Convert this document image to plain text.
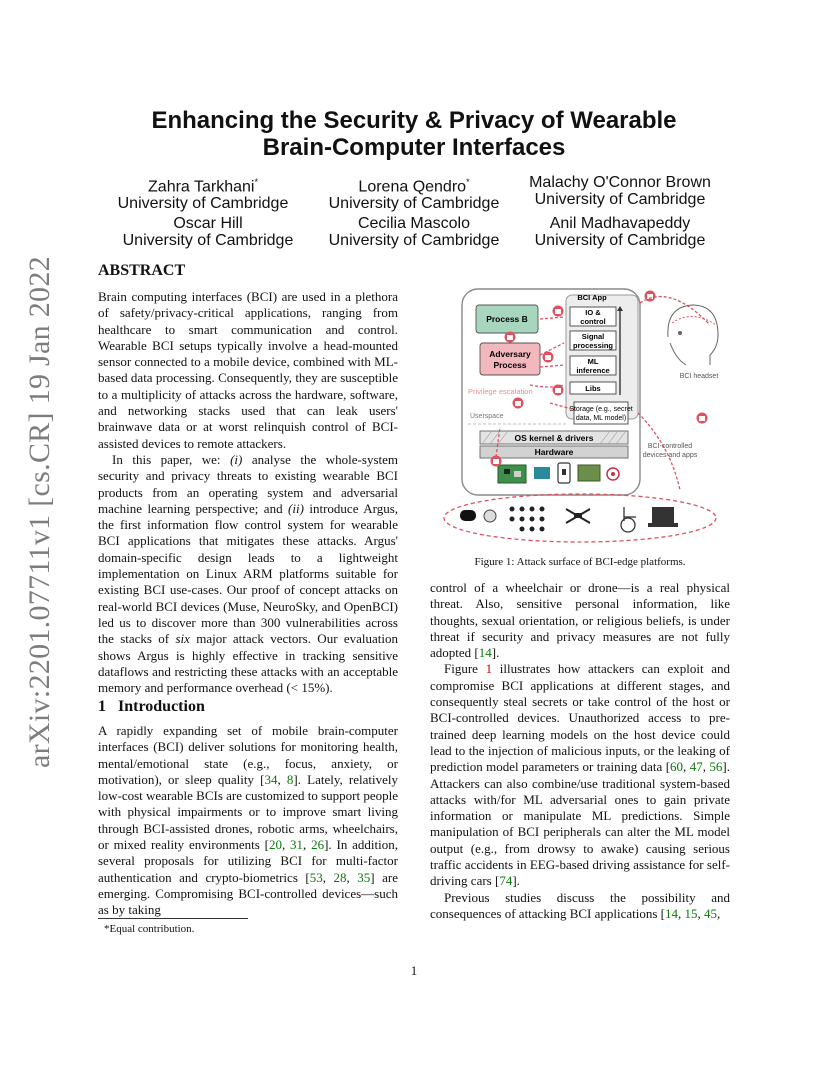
arXiv:2201.07711v1 [cs.CR] 19 Jan 2022
Enhancing the Security & Privacy of Wearable
Brain-Computer Interfaces
Zahra Tarkhani*
University of Cambridge
Lorena Qendro*
University of Cambridge
Malachy O'Connor Brown
University of Cambridge
Oscar Hill
University of Cambridge
Cecilia Mascolo
University of Cambridge
Anil Madhavapeddy
University of Cambridge
ABSTRACT

Brain computing interfaces (BCI) are used in a plethora of safety/privacy-critical applications, ranging from healthcare to smart communication and control. Wearable BCI setups typically involve a head-mounted sensor connected to a mobile device, combined with ML-based data processing. Consequently, they are susceptible to a multiplicity of attacks across the hardware, software, and networking stacks used that can leak users' brainwave data or at worst relinquish control of BCI-assisted devices to remote attackers.

In this paper, we: (i) analyse the whole-system security and privacy threats to existing wearable BCI products from an operating system and adversarial machine learning perspective; and (ii) introduce Argus, the first information flow control system for wearable BCI applications that mitigates these attacks. Argus' domain-specific design leads to a lightweight implementation on Linux ARM platforms suitable for existing BCI use-cases. Our proof of concept attacks on real-world BCI devices (Muse, NeuroSky, and OpenBCI) led us to discover more than 300 vulnerabilities across the stacks of six major attack vectors. Our evaluation shows Argus is highly effective in tracking sensitive dataflows and restricting these attacks with an acceptable memory and performance overhead (< 15%).

1 Introduction

A rapidly expanding set of mobile brain-computer interfaces (BCI) deliver solutions for monitoring health, mental/emotional state (e.g., focus, anxiety, or motivation), or sleep quality [34, 8]. Lately, relatively low-cost wearable BCIs are customized to support people with physical impairments or to improve smart living through BCI-assisted drones, robotic arms, wheelchairs, or mixed reality environments [20, 31, 26]. In addition, several proposals for utilizing BCI for multi-factor authentication and crypto-biometrics [53, 28, 35] are emerging. Compromising BCI-controlled devices—such as by taking

*Equal contribution.
BCI App
IO &
control
Signal
processing
ML
inference
Libs
Storage (e.g., secret
data, ML model)
Process B
Adversary
Process
Privilege escalation
Userspace
OS kernel & drivers
Hardware
BCI headset
BCI-controlled
devices and apps
Figure 1: Attack surface of BCI-edge platforms.

control of a wheelchair or drone—is a real physical threat. Also, sensitive personal information, like thoughts, sexual orientation, or religious beliefs, is under threat if security and privacy measures are not fully adopted [14].

Figure 1 illustrates how attackers can exploit and compromise BCI applications at different stages, and consequently steal secrets or take control of the host or BCI-controlled devices. Unauthorized access to pre-trained deep learning models on the host device could lead to the injection of malicious inputs, or the leaking of prediction model parameters or training data [60, 47, 56]. Attackers can also combine/use traditional system-based attacks with/for ML adversarial ones to gain private information or manipulate ML predictions. Simple manipulation of BCI peripherals can alter the ML model output (e.g., from drowsy to awake) causing serious traffic accidents in EEG-based driving assistance for self-driving cars [74].

Previous studies discuss the possibility and consequences of attacking BCI applications [14, 15, 45,

1
